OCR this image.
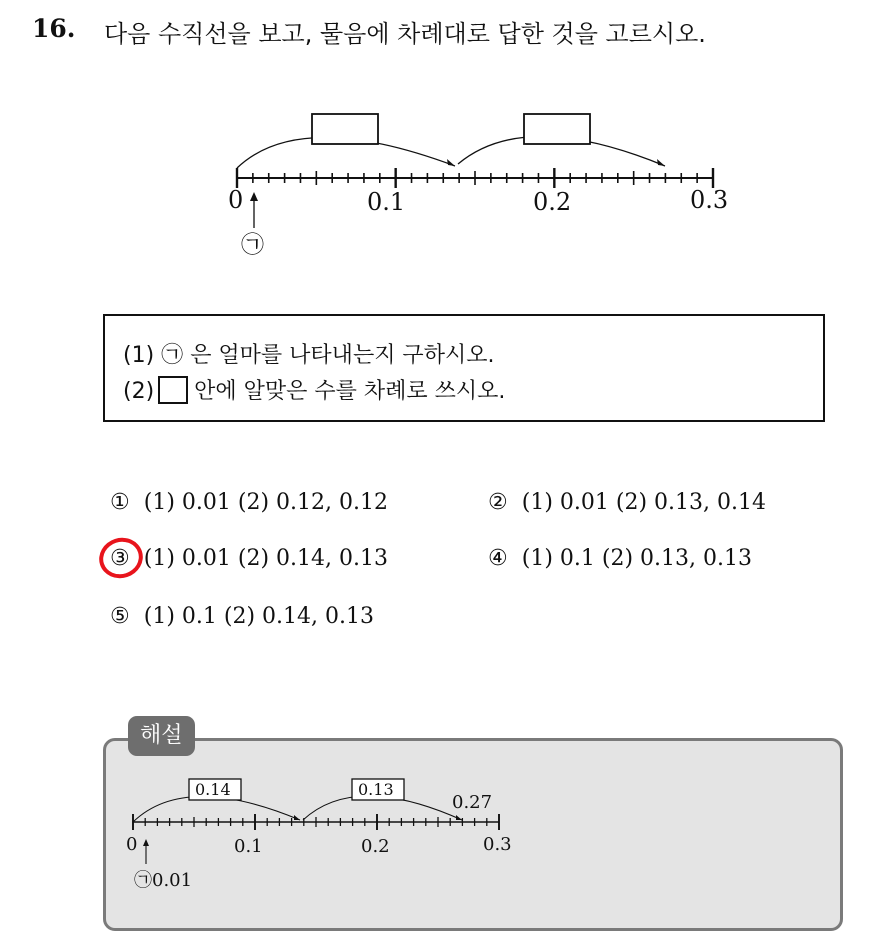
16. 다음 수직선을 보고, 물음에 차례대로 답한 것을 고르시오.
0	0.1	0.2	0.3
㉠
(1) ㉠ 은 얼마를 나타내는지 구하시오.
(2) 안에 알맞은 수를 차례로 쓰시오.
① (1) 0.01 (2) 0.12, 0.12	② (1) 0.01 (2) 0.13, 0.14
③ (1) 0.01 (2) 0.14, 0.13	④ (1) 0.1 (2) 0.13, 0.13
⑤ (1) 0.1 (2) 0.14, 0.13
해설
0.14	0.13
0.27
0	0.1	0.2	0.3
㉠0.01
